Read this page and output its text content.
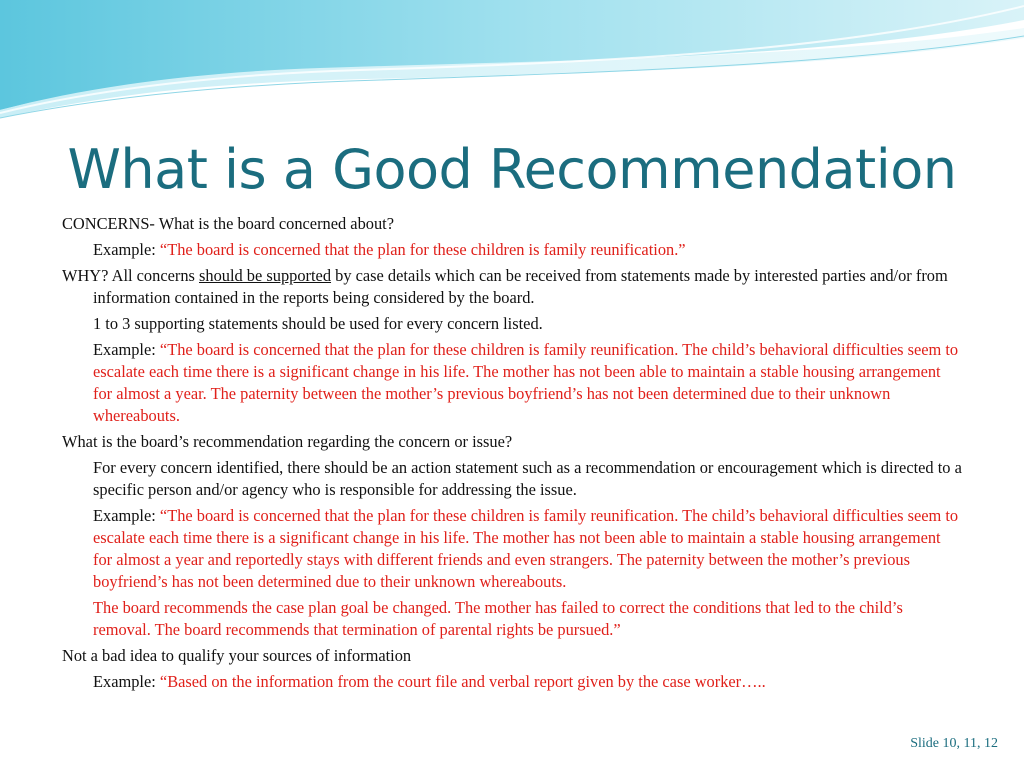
What is a Good Recommendation

CONCERNS- What is the board concerned about?

Example: “The board is concerned that the plan for these children is family reunification.”

WHY? All concerns should be supported by case details which can be received from statements made by interested parties and/or from information contained in the reports being considered by the board.

1 to 3 supporting statements should be used for every concern listed.

Example: “The board is concerned that the plan for these children is family reunification. The child’s behavioral difficulties seem to escalate each time there is a significant change in his life. The mother has not been able to maintain a stable housing arrangement for almost a year. The paternity between the mother’s previous boyfriend’s has not been determined due to their unknown whereabouts.

What is the board’s recommendation regarding the concern or issue?

For every concern identified, there should be an action statement such as a recommendation or encouragement which is directed to a specific person and/or agency who is responsible for addressing the issue.

Example: “The board is concerned that the plan for these children is family reunification. The child’s behavioral difficulties seem to escalate each time there is a significant change in his life. The mother has not been able to maintain a stable housing arrangement for almost a year and reportedly stays with different friends and even strangers. The paternity between the mother’s previous boyfriend’s has not been determined due to their unknown whereabouts.

The board recommends the case plan goal be changed. The mother has failed to correct the conditions that led to the child’s removal. The board recommends that termination of parental rights be pursued.”

Not a bad idea to qualify your sources of information

Example: “Based on the information from the court file and verbal report given by the case worker…..

Slide 10, 11, 12
